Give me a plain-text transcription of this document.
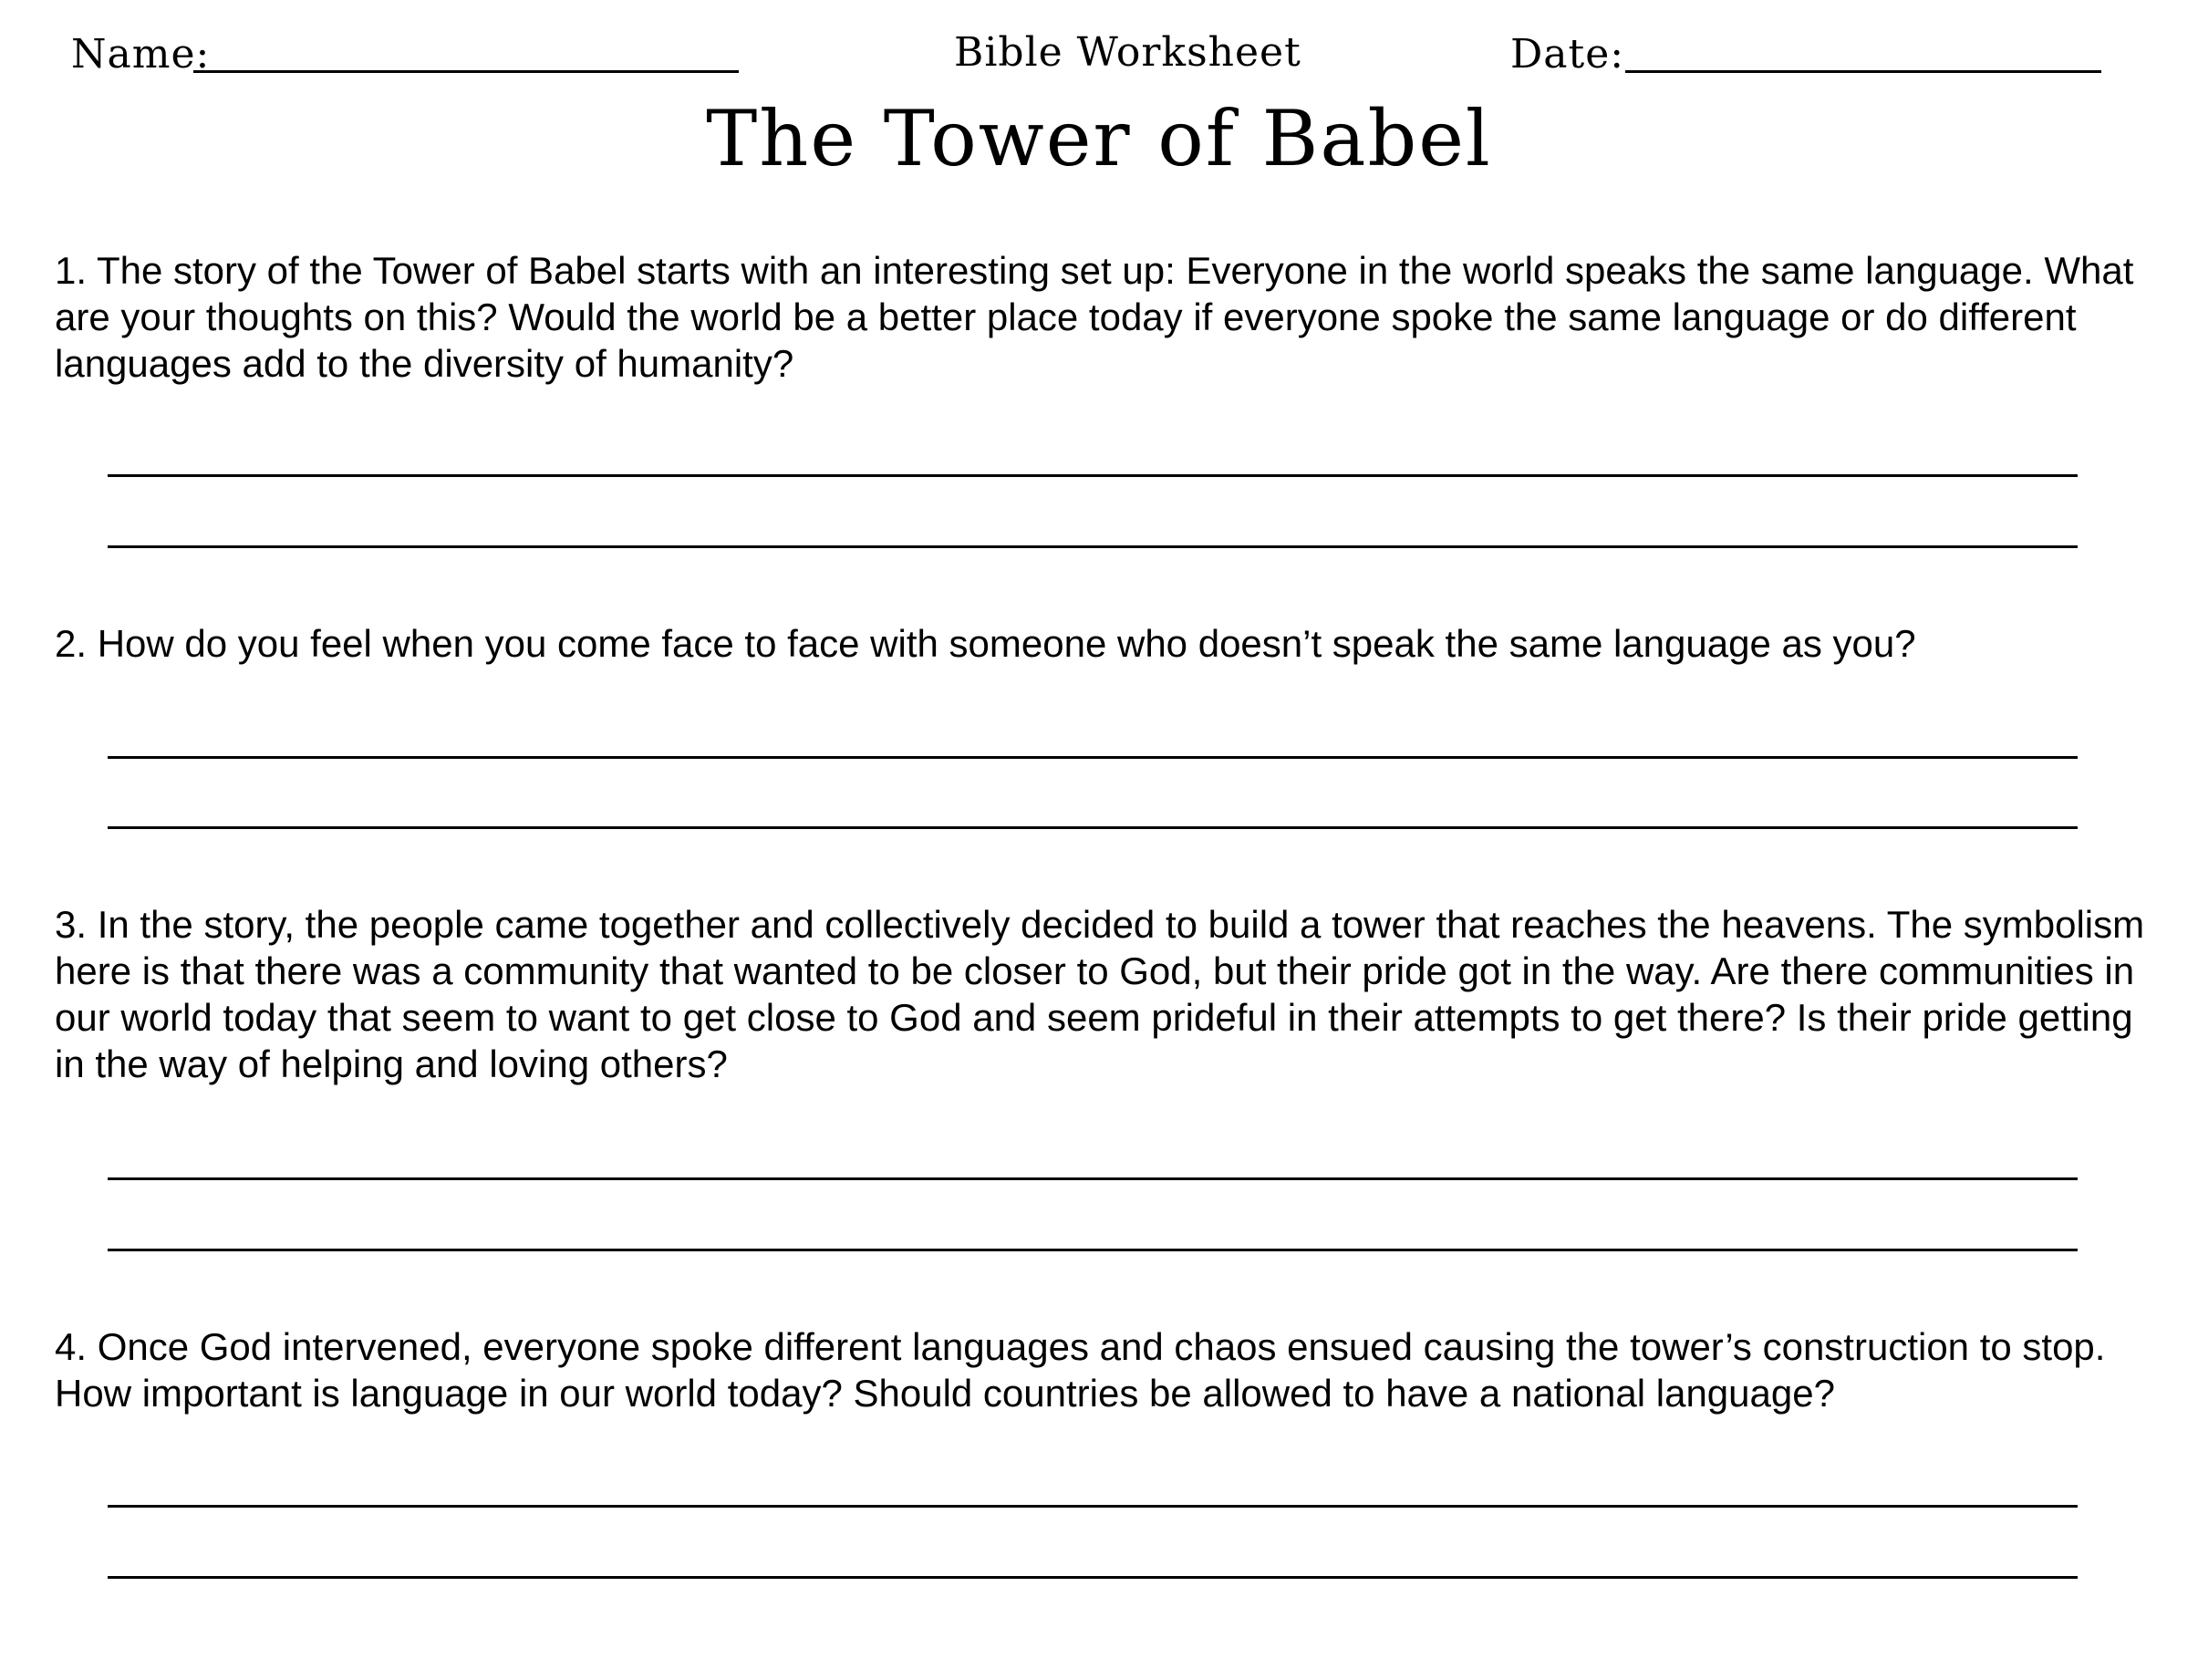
Name:	Bible Worksheet	Date:
The Tower of Babel

1. The story of the Tower of Babel starts with an interesting set up: Everyone in the world speaks the same language. What are your thoughts on this? Would the world be a better place today if everyone spoke the same language or do different languages add to the diversity of humanity?

2. How do you feel when you come face to face with someone who doesn’t speak the same language as you?

3. In the story, the people came together and collectively decided to build a tower that reaches the heavens. The symbolism here is that there was a community that wanted to be closer to God, but their pride got in the way. Are there communities in our world today that seem to want to get close to God and seem prideful in their attempts to get there? Is their pride getting in the way of helping and loving others?

4. Once God intervened, everyone spoke different languages and chaos ensued causing the tower’s construction to stop. How important is language in our world today? Should countries be allowed to have a national language?
